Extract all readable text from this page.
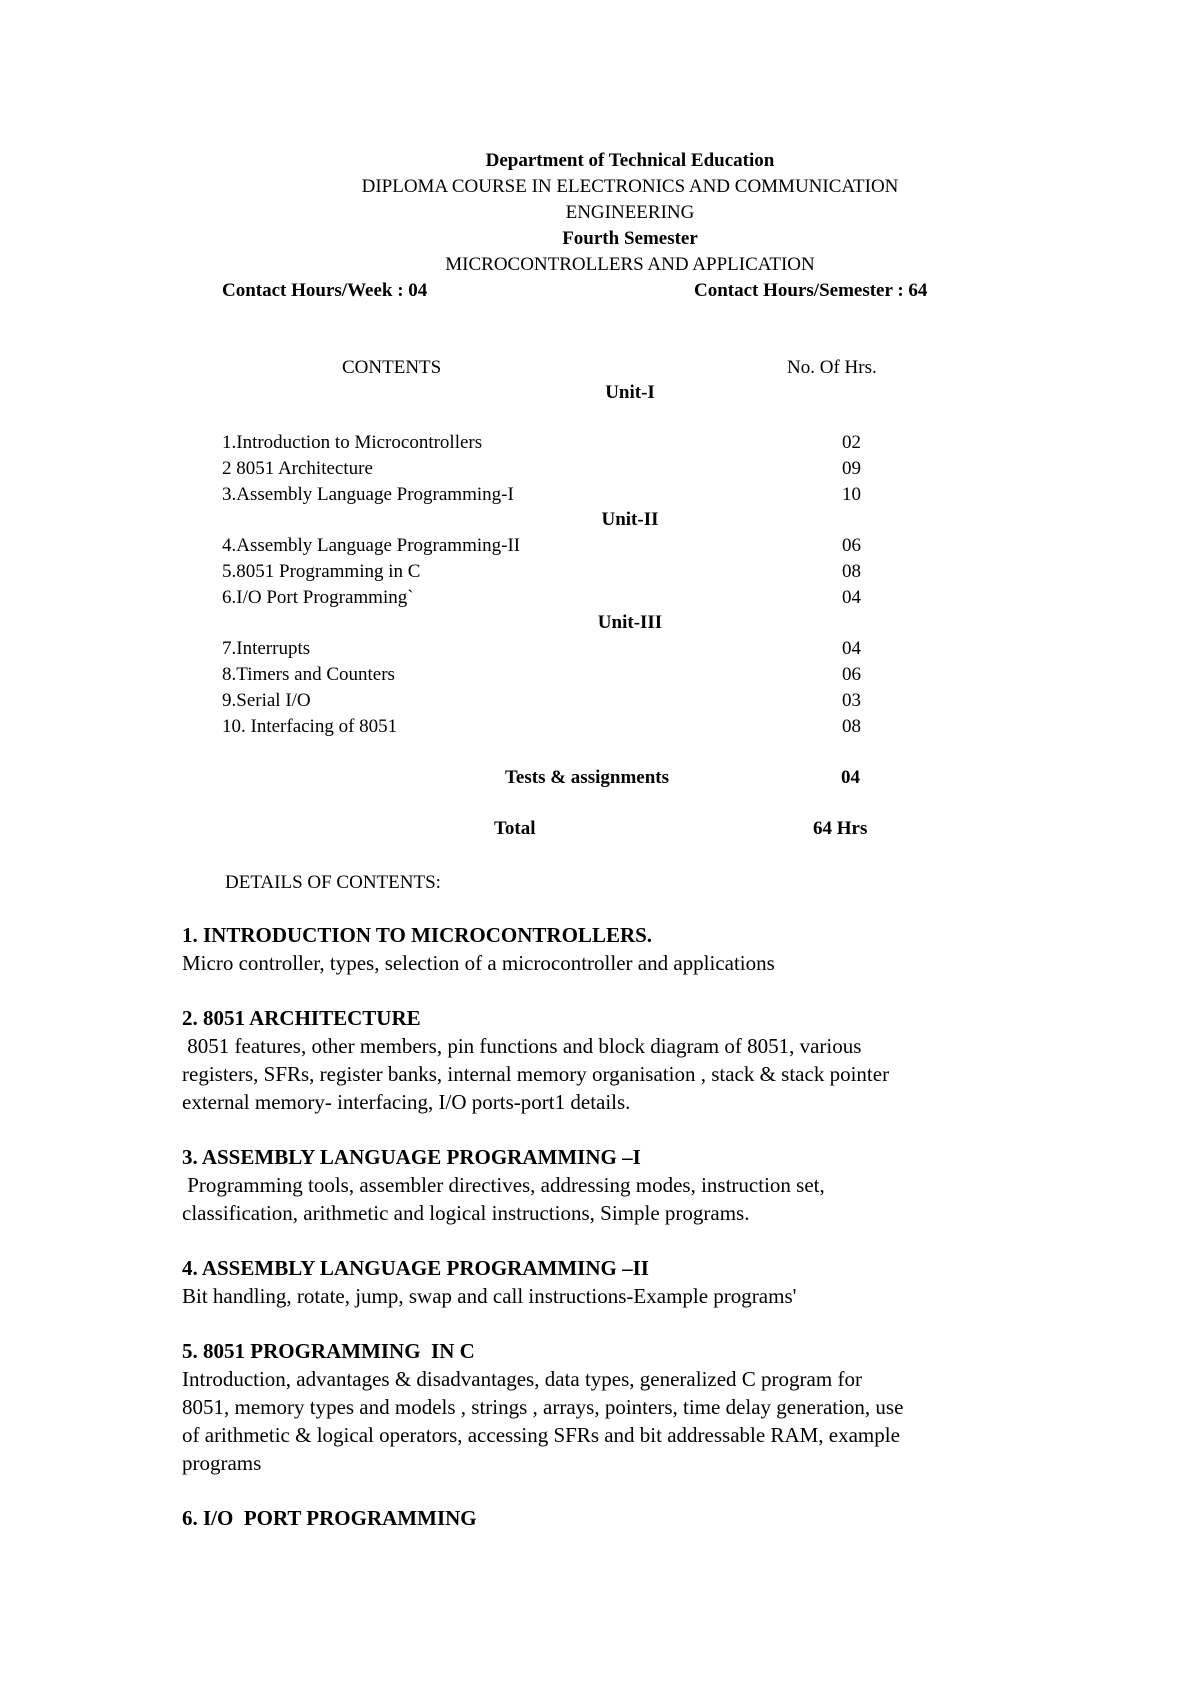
Department of Technical Education
DIPLOMA COURSE IN ELECTRONICS AND COMMUNICATION
ENGINEERING
Fourth Semester
MICROCONTROLLERS AND APPLICATION
Contact Hours/Week : 04	Contact Hours/Semester : 64
CONTENTS	No. Of Hrs.
Unit-I
1.Introduction to Microcontrollers	02
2 8051 Architecture	09
3.Assembly Language Programming-I	10
Unit-II
4.Assembly Language Programming-II	06
5.8051 Programming in C	08
6.I/O Port Programming`	04
Unit-III
7.Interrupts	04
8.Timers and Counters	06
9.Serial I/O	03
10. Interfacing of 8051	08
Tests & assignments	04
Total	64 Hrs
DETAILS OF CONTENTS:
1. INTRODUCTION TO MICROCONTROLLERS.
Micro controller, types, selection of a microcontroller and applications
2. 8051 ARCHITECTURE
8051 features, other members, pin functions and block diagram of 8051, various
registers, SFRs, register banks, internal memory organisation , stack & stack pointer
external memory- interfacing, I/O ports-port1 details.
3. ASSEMBLY LANGUAGE PROGRAMMING –I
Programming tools, assembler directives, addressing modes, instruction set,
classification, arithmetic and logical instructions, Simple programs.
4. ASSEMBLY LANGUAGE PROGRAMMING –II
Bit handling, rotate, jump, swap and call instructions-Example programs'
5. 8051 PROGRAMMING  IN C
Introduction, advantages & disadvantages, data types, generalized C program for
8051, memory types and models , strings , arrays, pointers, time delay generation, use
of arithmetic & logical operators, accessing SFRs and bit addressable RAM, example
programs
6. I/O  PORT PROGRAMMING
